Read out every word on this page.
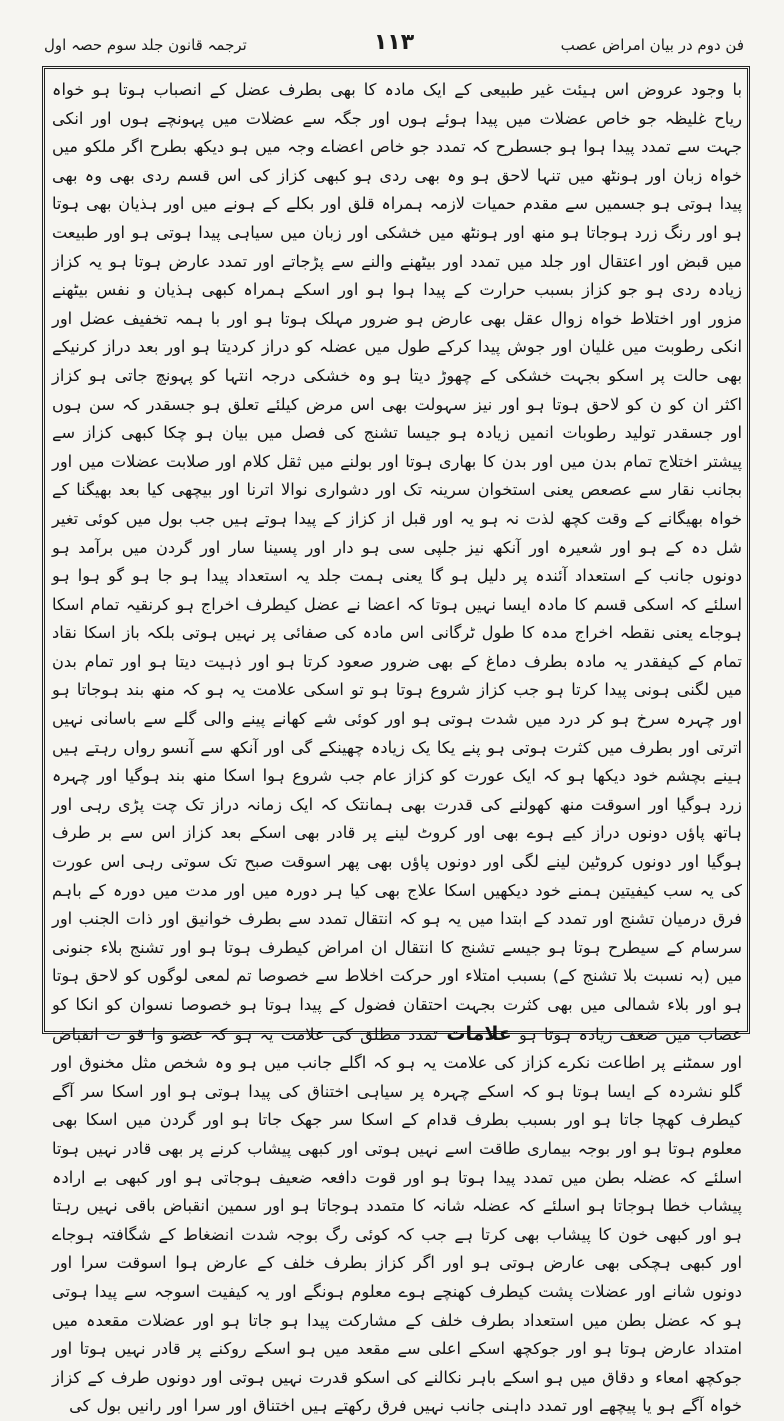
فن دوم در بیان امراض عصب
۱۱۳
ترجمہ قانون جلد سوم حصہ اول
با وجود عروض اس ہیئت غیر طبیعی کے ایک مادہ کا بھی بطرف عضل کے انصباب ہوتا ہو خواہ ریاح غلیظہ جو خاص عضلات میں پیدا ہوئے ہوں اور جگہ سے عضلات میں پہونچے ہوں اور انکی جہت سے تمدد پیدا ہوا ہو جسطرح کہ تمدد جو خاص اعضاے وجہ میں ہو دیکھ بطرح اگر ملکو میں خواہ زبان اور ہونٹھ میں تنہا لاحق ہو وہ بھی ردی ہو کبھی کزاز کی اس قسم ردی بھی وہ بھی پیدا ہوتی ہو جسمیں سے مقدم حمیات لازمہ ہمراہ قلق اور بکلے کے ہونے میں اور ہذیان بھی ہوتا ہو اور رنگ زرد ہوجاتا ہو منھ اور ہونٹھ میں خشکی اور زبان میں سیاہی پیدا ہوتی ہو اور طبیعت میں قبض اور اعتقال اور جلد میں تمدد اور بیٹھنے والنے سے پڑجاتے اور تمدد عارض ہوتا ہو یہ کزاز زیادہ ردی ہو جو کزاز بسبب حرارت کے پیدا ہوا ہو اور اسکے ہمراہ کبھی ہذیان و نفس بیٹھنے مزور اور اختلاط خواہ زوال عقل بھی عارض ہو ضرور مہلک ہوتا ہو اور با ہمہ تخفیف عضل اور انکی رطوبت میں غلیان اور جوش پیدا کرکے طول میں عضلہ کو دراز کردیتا ہو اور بعد دراز کرنیکے بھی حالت پر اسکو بجہت خشکی کے چھوڑ دیتا ہو وہ خشکی درجہ انتہا کو پہونچ جاتی ہو کزاز اکثر ان کو ن کو لاحق ہوتا ہو اور نیز سہولت بھی اس مرض کیلئے تعلق ہو جسقدر کہ سن ہوں اور جسقدر تولید رطوبات انمیں زیادہ ہو جیسا تشنج کی فصل میں بیان ہو چکا کبھی کزاز سے پیشتر اختلاج تمام بدن میں اور بدن کا بھاری ہوتا اور بولنے میں ثقل کلام اور صلابت عضلات میں اور بجانب نقار سے عصعص یعنی استخوان سرینہ تک اور دشواری نوالا اترنا اور بیچھی کیا بعد بھیگنا کے خواہ بھیگانے کے وقت کچھ لذت نہ ہو یہ اور قبل از کزاز کے پیدا ہوتے ہیں جب بول میں کوئی تغیر شل دہ کے ہو اور شعیرہ اور آنکھ نیز جلپی سی ہو دار اور پسینا سار اور گردن میں برآمد ہو دونوں جانب کے استعداد آئندہ پر دلیل ہو گا یعنی ہمت جلد یہ استعداد پیدا ہو جا ہو گو ہوا ہو اسلئے کہ اسکی قسم کا مادہ ایسا نہیں ہوتا کہ اعضا نے عضل کیطرف اخراج ہو کرنقیہ تمام اسکا ہوجاے یعنی نقطہ اخراج مدہ کا طول ٹرگانی اس مادہ کی صفائی پر نہیں ہوتی بلکہ باز اسکا نقاد تمام کے کیفقدر یہ مادہ بطرف دماغ کے بھی ضرور صعود کرتا ہو اور ذہیت دیتا ہو اور تمام بدن میں لگنی ہونی پیدا کرتا ہو جب کزاز شروع ہوتا ہو تو اسکی علامت یہ ہو کہ منھ بند ہوجاتا ہو اور چہرہ سرخ ہو کر درد میں شدت ہوتی ہو اور کوئی شے کھانے پینے والی گلے سے باسانی نہیں اترتی اور بطرف میں کثرت ہوتی ہو پنے یکا یک زیادہ چھینکے گی اور آنکھ سے آنسو رواں رہتے ہیں ہینے بچشم خود دیکھا ہو کہ ایک عورت کو کزاز عام جب شروع ہوا اسکا منھ بند ہوگیا اور چہرہ زرد ہوگیا اور اسوقت منھ کھولنے کی قدرت بھی ہمانتک کہ ایک زمانہ دراز تک چت پڑی رہی اور ہاتھ پاؤں دونوں دراز کیے ہوے بھی اور کروٹ لینے پر قادر بھی اسکے بعد کزاز اس سے بر طرف ہوگیا اور دونوں کروٹین لینے لگی اور دونوں پاؤں بھی پھر اسوقت صبح تک سوتی رہی اس عورت کی یہ سب کیفیتین ہمنے خود دیکھیں اسکا علاج بھی کیا ہر دورہ میں اور مدت میں دورہ کے باہم فرق درمیان تشنج اور تمدد کے ابتدا میں یہ ہو کہ انتقال تمدد سے بطرف خوانیق اور ذات الجنب اور سرسام کے سیطرح ہوتا ہو جیسے تشنج کا انتقال ان امراض کیطرف ہوتا ہو اور تشنج بلاء جنونی میں (بہ نسبت بلا تشنج کے) بسبب امتلاء اور حرکت اخلاط سے خصوصا تم لمعی لوگوں کو لاحق ہوتا ہو اور بلاء شمالی میں بھی کثرت بجہت احتقان فضول کے پیدا ہوتا ہو خصوصا نسوان کو انکا کو عصاب میں ضعف زیادہ ہوتا ہو علامات تمدد مطلق کی علامت یہ ہو کہ عضو وا قو ت انقباض اور سمٹنے پر اطاعت نکرے کزاز کی علامت یہ ہو کہ اگلے جانب میں ہو وہ شخص مثل مخنوق اور گلو نشردہ کے ایسا ہوتا ہو کہ اسکے چہرہ پر سیاہی اختناق کی پیدا ہوتی ہو اور اسکا سر آگے کیطرف کھچا جاتا ہو اور بسبب بطرف قدام کے اسکا سر جھک جاتا ہو اور گردن میں اسکا بھی معلوم ہوتا ہو اور بوجہ بیماری طاقت اسے نہیں ہوتی اور کبھی پیشاب کرنے پر بھی قادر نہیں ہوتا اسلئے کہ عضلہ بطن میں تمدد پیدا ہوتا ہو اور قوت دافعہ ضعیف ہوجاتی ہو اور کبھی بے ارادہ پیشاب خطا ہوجاتا ہو اسلئے کہ عضلہ شانہ کا متمدد ہوجاتا ہو اور سمین انقباض باقی نہیں رہتا ہو اور کبھی خون کا پیشاب بھی کرتا ہے جب کہ کوئی رگ بوجہ شدت انضغاط کے شگافتہ ہوجاے اور کبھی ہچکی بھی عارض ہوتی ہو اور اگر کزاز بطرف خلف کے عارض ہوا اسوقت سرا اور دونوں شانے اور عضلات پشت کیطرف کھنچے ہوے معلوم ہونگے اور یہ کیفیت اسوجہ سے پیدا ہوتی ہو کہ عضل بطن میں استعداد بطرف خلف کے مشارکت پیدا ہو جاتا ہو اور عضلات مقعدہ میں امتداد عارض ہوتا ہو اور جوکچھ اسکے اعلی سے مقعد میں ہو اسکے روکنے پر قادر نہیں ہوتا اور جوکچھ امعاء و دقاق میں ہو اسکے باہر نکالنے کی اسکو قدرت نہیں ہوتی اور دونوں طرف کے کزاز خواہ آگے ہو یا پیچھے اور تمدد داہنی جانب نہیں فرق رکھتے ہیں اختناق اور سرا اور رانیں بول کی
